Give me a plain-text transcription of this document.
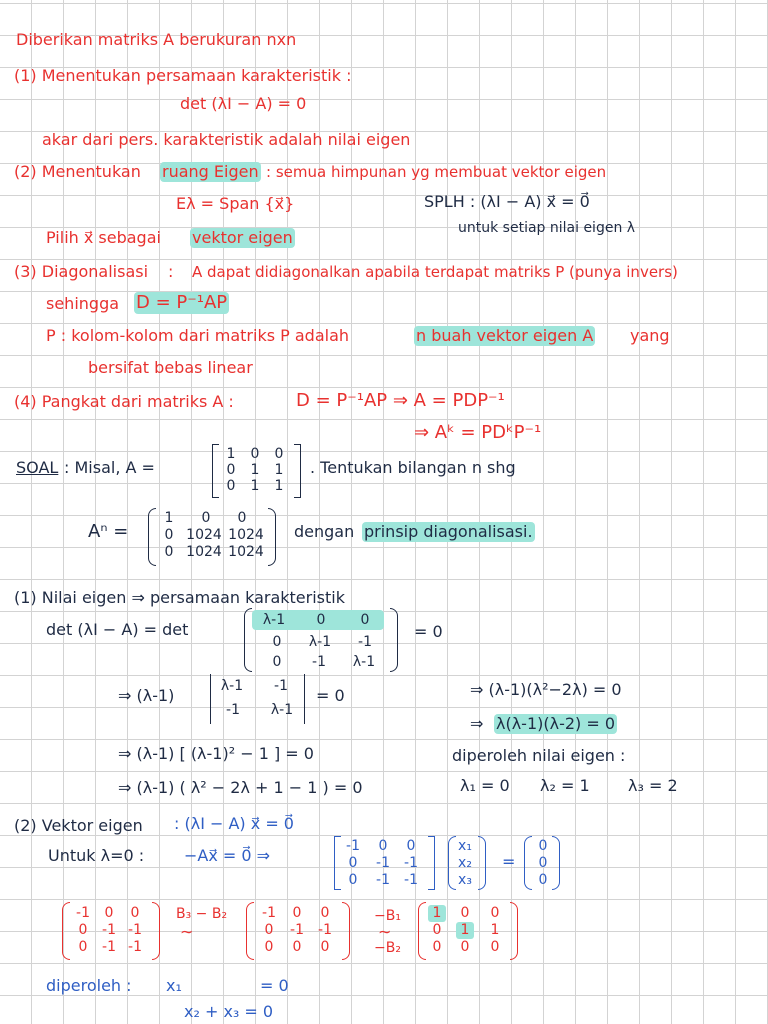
Diberikan matriks A berukuran nxn
(1) Menentukan persamaan karakteristik :
det (λI − A) = 0
akar dari pers. karakteristik adalah nilai eigen
(2) Menentukan ruang Eigen : semua himpunan yg membuat vektor eigen
Eλ = Span {x⃗}	SPLH : (λI − A) x⃗ = 0⃗
untuk setiap nilai eigen λ
Pilih x⃗ sebagai vektor eigen
(3) Diagonalisasi : A dapat didiagonalkan apabila terdapat matriks P (punya invers)
sehingga D = P⁻¹AP
P : kolom-kolom dari matriks P adalah	n buah vektor eigen A yang
bersifat bebas linear
(4) Pangkat dari matriks A :	D = P⁻¹AP ⇒ A = PDP⁻¹
⇒ Aᵏ = PDᵏP⁻¹
SOAL : Misal, A =
1	0	0
0	1	1
0	1	1
. Tentukan bilangan n shg
Aⁿ =
1	0	0
0 1024 1024
0 1024 1024
dengan prinsip diagonalisasi.
(1) Nilai eigen ⇒ persamaan karakteristik
det (λI − A) = det	λ-1	0	0
0	λ-1	-1
0	-1	λ-1
= 0
⇒ (λ-1)	λ-1	-1
-1	λ-1
= 0
⇒ (λ-1) [ (λ-1)² − 1 ] = 0
⇒ (λ-1) ( λ² − 2λ + 1 − 1 ) = 0
⇒ (λ-1)(λ²−2λ) = 0
⇒ λ(λ-1)(λ-2) = 0
diperoleh nilai eigen :
λ₁ = 0 λ₂ = 1 λ₃ = 2
(2) Vektor eigen : (λI − A) x⃗ = 0⃗
Untuk λ=0 : −Ax⃗ = 0⃗ ⇒	-1	0	0
0	-1	-1
0	-1	-1
x₁
x₂
x₃
=
0
0
0
-1	0	0
0	-1 -1
0	-1 -1
B₃ − B₂
∼
-1	0	0
0	-1	-1
0	0	0
−B₁
∼
−B₂
1	0	0
0	1	1
0	0	0
diperoleh : x₁	= 0
x₂ + x₃ = 0
